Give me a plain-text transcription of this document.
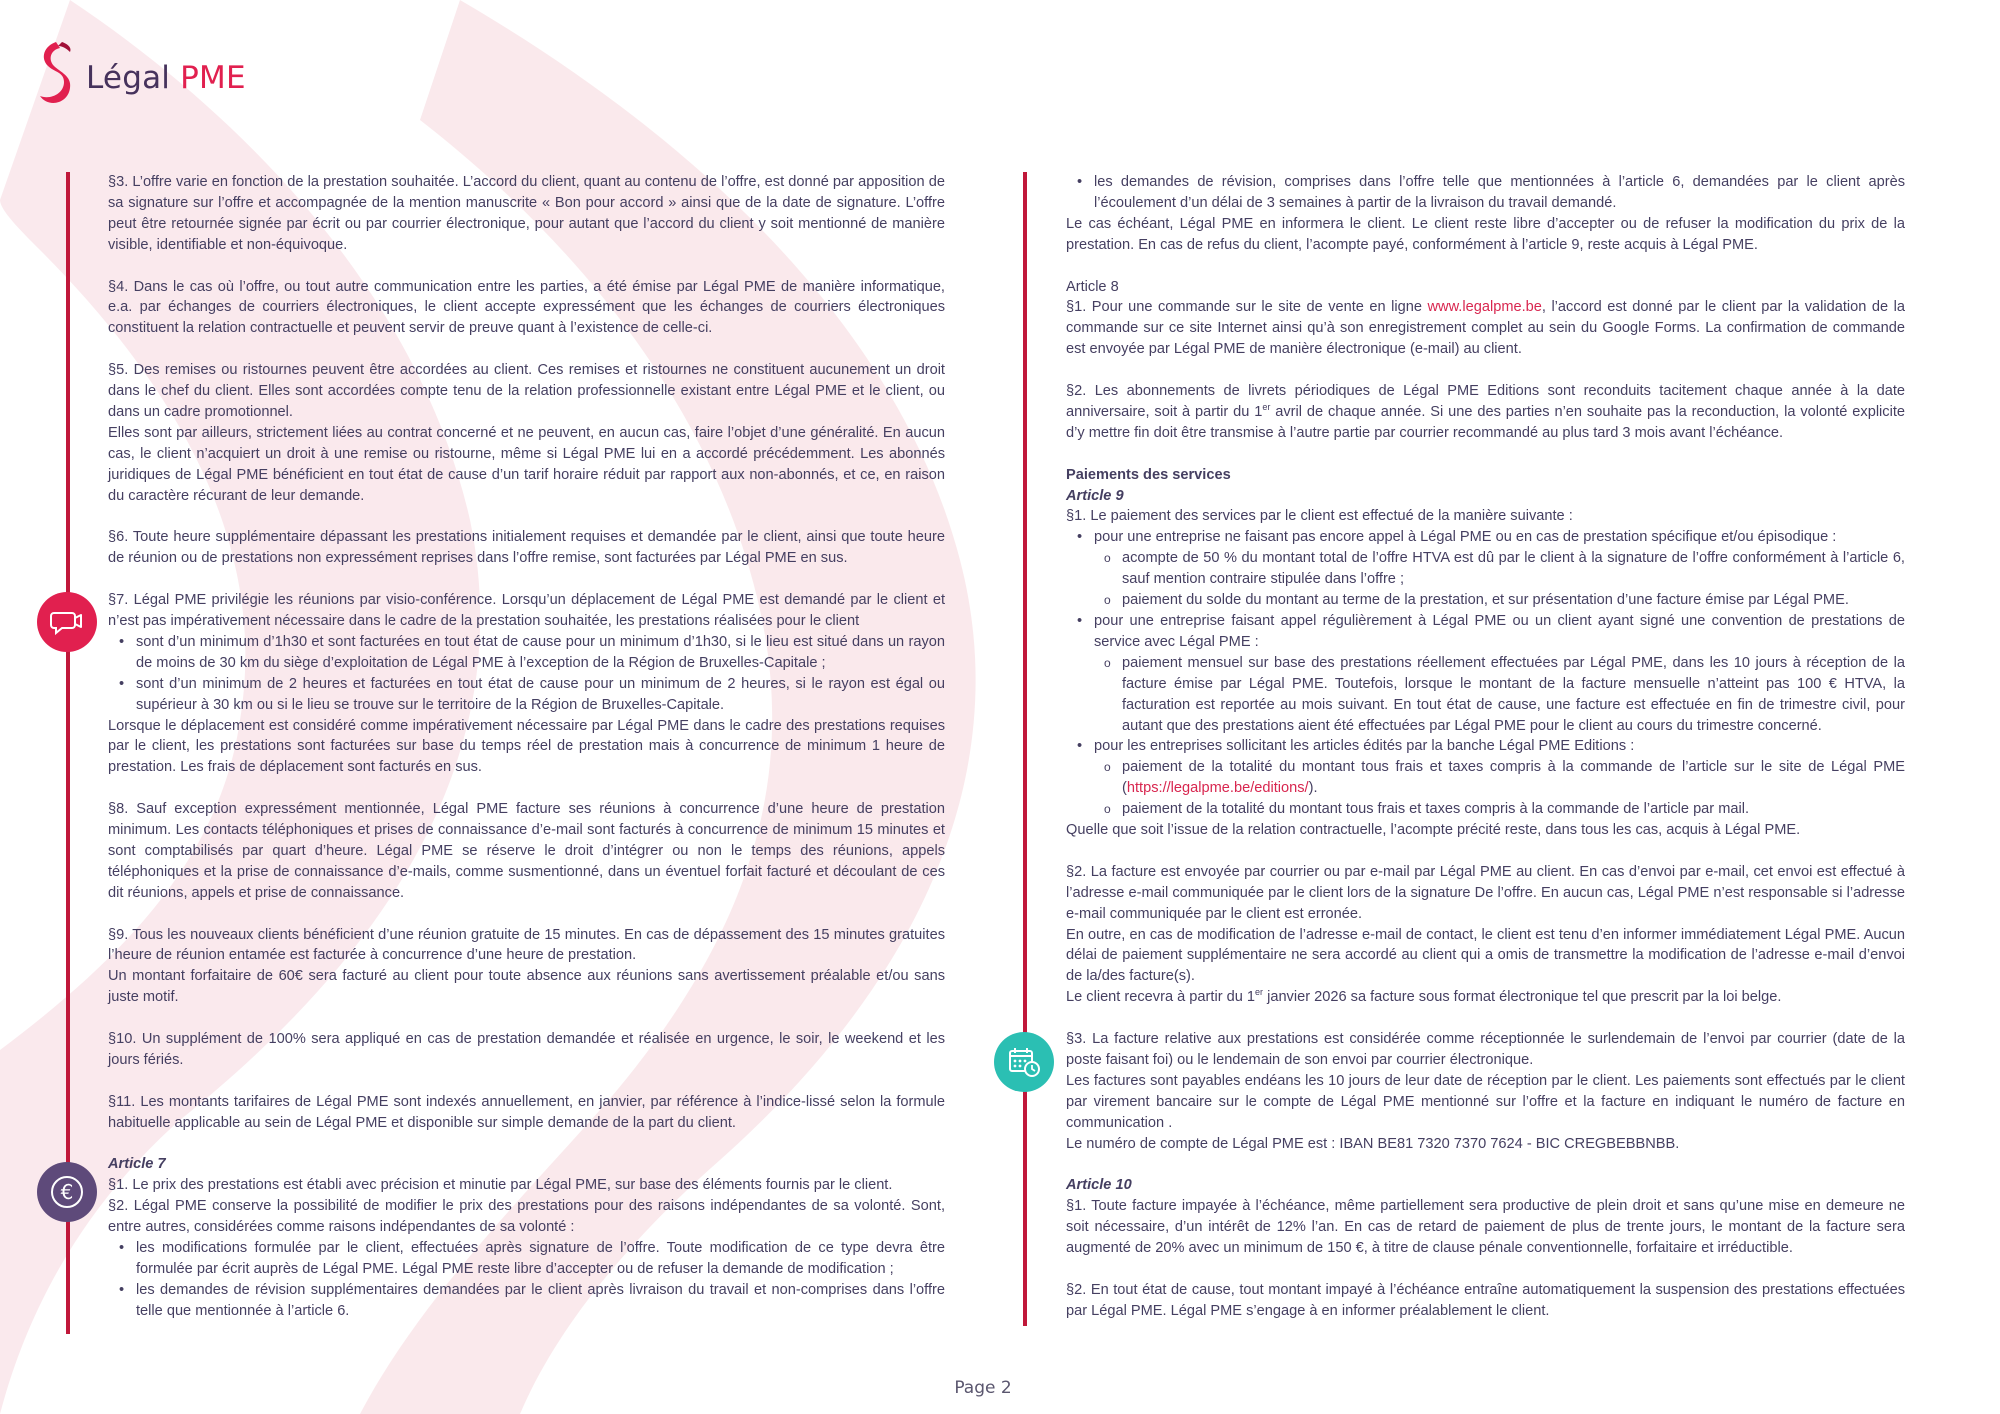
Légal PME
€

§3. L’offre varie en fonction de la prestation souhaitée. L’accord du client, quant au contenu de l’offre, est donné par apposition de sa signature sur l’offre et accompagnée de la mention manuscrite « Bon pour accord » ainsi que de la date de signature. L’offre peut être retournée signée par écrit ou par courrier électronique, pour autant que l’accord du client y soit mentionné de manière visible, identifiable et non-équivoque.

§4. Dans le cas où l’offre, ou tout autre communication entre les parties, a été émise par Légal PME de manière informatique, e.a. par échanges de courriers électroniques, le client accepte expressément que les échanges de courriers électroniques constituent la relation contractuelle et peuvent servir de preuve quant à l’existence de celle-ci.

§5. Des remises ou ristournes peuvent être accordées au client. Ces remises et ristournes ne constituent aucunement un droit dans le chef du client. Elles sont accordées compte tenu de la relation professionnelle existant entre Légal PME et le client, ou dans un cadre promotionnel.

Elles sont par ailleurs, strictement liées au contrat concerné et ne peuvent, en aucun cas, faire l’objet d’une généralité. En aucun cas, le client n’acquiert un droit à une remise ou ristourne, même si Légal PME lui en a accordé précédemment. Les abonnés juridiques de Légal PME bénéficient en tout état de cause d’un tarif horaire réduit par rapport aux non-abonnés, et ce, en raison du caractère récurant de leur demande.

§6. Toute heure supplémentaire dépassant les prestations initialement requises et demandée par le client, ainsi que toute heure de réunion ou de prestations non expressément reprises dans l’offre remise, sont facturées par Légal PME en sus.

§7. Légal PME privilégie les réunions par visio-conférence. Lorsqu’un déplacement de Légal PME est demandé par le client et n’est pas impérativement nécessaire dans le cadre de la prestation souhaitée, les prestations réalisées pour le client

• sont d’un minimum d’1h30 et sont facturées en tout état de cause pour un minimum d’1h30, si le lieu est situé dans un rayon de moins de 30 km du siège d’exploitation de Légal PME à l’exception de la Région de Bruxelles-Capitale ;
• sont d’un minimum de 2 heures et facturées en tout état de cause pour un minimum de 2 heures, si le rayon est égal ou supérieur à 30 km ou si le lieu se trouve sur le territoire de la Région de Bruxelles-Capitale.

Lorsque le déplacement est considéré comme impérativement nécessaire par Légal PME dans le cadre des prestations requises par le client, les prestations sont facturées sur base du temps réel de prestation mais à concurrence de minimum 1 heure de prestation. Les frais de déplacement sont facturés en sus.

§8. Sauf exception expressément mentionnée, Légal PME facture ses réunions à concurrence d’une heure de prestation minimum. Les contacts téléphoniques et prises de connaissance d’e-mail sont facturés à concurrence de minimum 15 minutes et sont comptabilisés par quart d’heure. Légal PME se réserve le droit d’intégrer ou non le temps des réunions, appels téléphoniques et la prise de connaissance d’e-mails, comme susmentionné, dans un éventuel forfait facturé et découlant de ces dit réunions, appels et prise de connaissance.

§9. Tous les nouveaux clients bénéficient d’une réunion gratuite de 15 minutes. En cas de dépassement des 15 minutes gratuites l’heure de réunion entamée est facturée à concurrence d’une heure de prestation.

Un montant forfaitaire de 60€ sera facturé au client pour toute absence aux réunions sans avertissement préalable et/ou sans juste motif.

§10. Un supplément de 100% sera appliqué en cas de prestation demandée et réalisée en urgence, le soir, le weekend et les jours fériés.

§11. Les montants tarifaires de Légal PME sont indexés annuellement, en janvier, par référence à l’indice-lissé selon la formule habituelle applicable au sein de Légal PME et disponible sur simple demande de la part du client.

Article 7

§1. Le prix des prestations est établi avec précision et minutie par Légal PME, sur base des éléments fournis par le client.

§2. Légal PME conserve la possibilité de modifier le prix des prestations pour des raisons indépendantes de sa volonté. Sont, entre autres, considérées comme raisons indépendantes de sa volonté :

• les modifications formulée par le client, effectuées après signature de l’offre. Toute modification de ce type devra être formulée par écrit auprès de Légal PME. Légal PME reste libre d’accepter ou de refuser la demande de modification ;
• les demandes de révision supplémentaires demandées par le client après livraison du travail et non-comprises dans l’offre telle que mentionnée à l’article 6.
• les demandes de révision, comprises dans l’offre telle que mentionnées à l’article 6, demandées par le client après l’écoulement d’un délai de 3 semaines à partir de la livraison du travail demandé.

Le cas échéant, Légal PME en informera le client. Le client reste libre d’accepter ou de refuser la modification du prix de la prestation. En cas de refus du client, l’acompte payé, conformément à l’article 9, reste acquis à Légal PME.

Article 8

§1. Pour une commande sur le site de vente en ligne www.legalpme.be, l’accord est donné par le client par la validation de la commande sur ce site Internet ainsi qu’à son enregistrement complet au sein du Google Forms. La confirmation de commande est envoyée par Légal PME de manière électronique (e-mail) au client.

§2. Les abonnements de livrets périodiques de Légal PME Editions sont reconduits tacitement chaque année à la date anniversaire, soit à partir du 1er avril de chaque année. Si une des parties n’en souhaite pas la reconduction, la volonté explicite d’y mettre fin doit être transmise à l’autre partie par courrier recommandé au plus tard 3 mois avant l’échéance.

Paiements des services

Article 9

§1. Le paiement des services par le client est effectué de la manière suivante :

• pour une entreprise ne faisant pas encore appel à Légal PME ou en cas de prestation spécifique et/ou épisodique :
o acompte de 50 % du montant total de l’offre HTVA est dû par le client à la signature de l’offre conformément à l’article 6, sauf mention contraire stipulée dans l’offre ;
o paiement du solde du montant au terme de la prestation, et sur présentation d’une facture émise par Légal PME.
• pour une entreprise faisant appel régulièrement à Légal PME ou un client ayant signé une convention de prestations de service avec Légal PME :
o paiement mensuel sur base des prestations réellement effectuées par Légal PME, dans les 10 jours à réception de la facture émise par Légal PME. Toutefois, lorsque le montant de la facture mensuelle n’atteint pas 100 € HTVA, la facturation est reportée au mois suivant. En tout état de cause, une facture est effectuée en fin de trimestre civil, pour autant que des prestations aient été effectuées par Légal PME pour le client au cours du trimestre concerné.
• pour les entreprises sollicitant les articles édités par la banche Légal PME Editions :
o paiement de la totalité du montant tous frais et taxes compris à la commande de l’article sur le site de Légal PME (https://legalpme.be/editions/).
o paiement de la totalité du montant tous frais et taxes compris à la commande de l’article par mail.

Quelle que soit l’issue de la relation contractuelle, l’acompte précité reste, dans tous les cas, acquis à Légal PME.

§2. La facture est envoyée par courrier ou par e-mail par Légal PME au client. En cas d’envoi par e-mail, cet envoi est effectué à l’adresse e-mail communiquée par le client lors de la signature De l’offre. En aucun cas, Légal PME n’est responsable si l’adresse e-mail communiquée par le client est erronée.

En outre, en cas de modification de l’adresse e-mail de contact, le client est tenu d’en informer immédiatement Légal PME. Aucun délai de paiement supplémentaire ne sera accordé au client qui a omis de transmettre la modification de l’adresse e-mail d’envoi de la/des facture(s).

Le client recevra à partir du 1er janvier 2026 sa facture sous format électronique tel que prescrit par la loi belge.

§3. La facture relative aux prestations est considérée comme réceptionnée le surlendemain de l’envoi par courrier (date de la poste faisant foi) ou le lendemain de son envoi par courrier électronique.

Les factures sont payables endéans les 10 jours de leur date de réception par le client. Les paiements sont effectués par le client par virement bancaire sur le compte de Légal PME mentionné sur l’offre et la facture en indiquant le numéro de facture en communication .

Le numéro de compte de Légal PME est : IBAN BE81 7320 7370 7624 - BIC CREGBEBBNBB.

Article 10

§1. Toute facture impayée à l’échéance, même partiellement sera productive de plein droit et sans qu’une mise en demeure ne soit nécessaire, d’un intérêt de 12% l’an. En cas de retard de paiement de plus de trente jours, le montant de la facture sera augmenté de 20% avec un minimum de 150 €, à titre de clause pénale conventionnelle, forfaitaire et irréductible.

§2. En tout état de cause, tout montant impayé à l’échéance entraîne automatiquement la suspension des prestations effectuées par Légal PME. Légal PME s’engage à en informer préalablement le client.

Page 2
